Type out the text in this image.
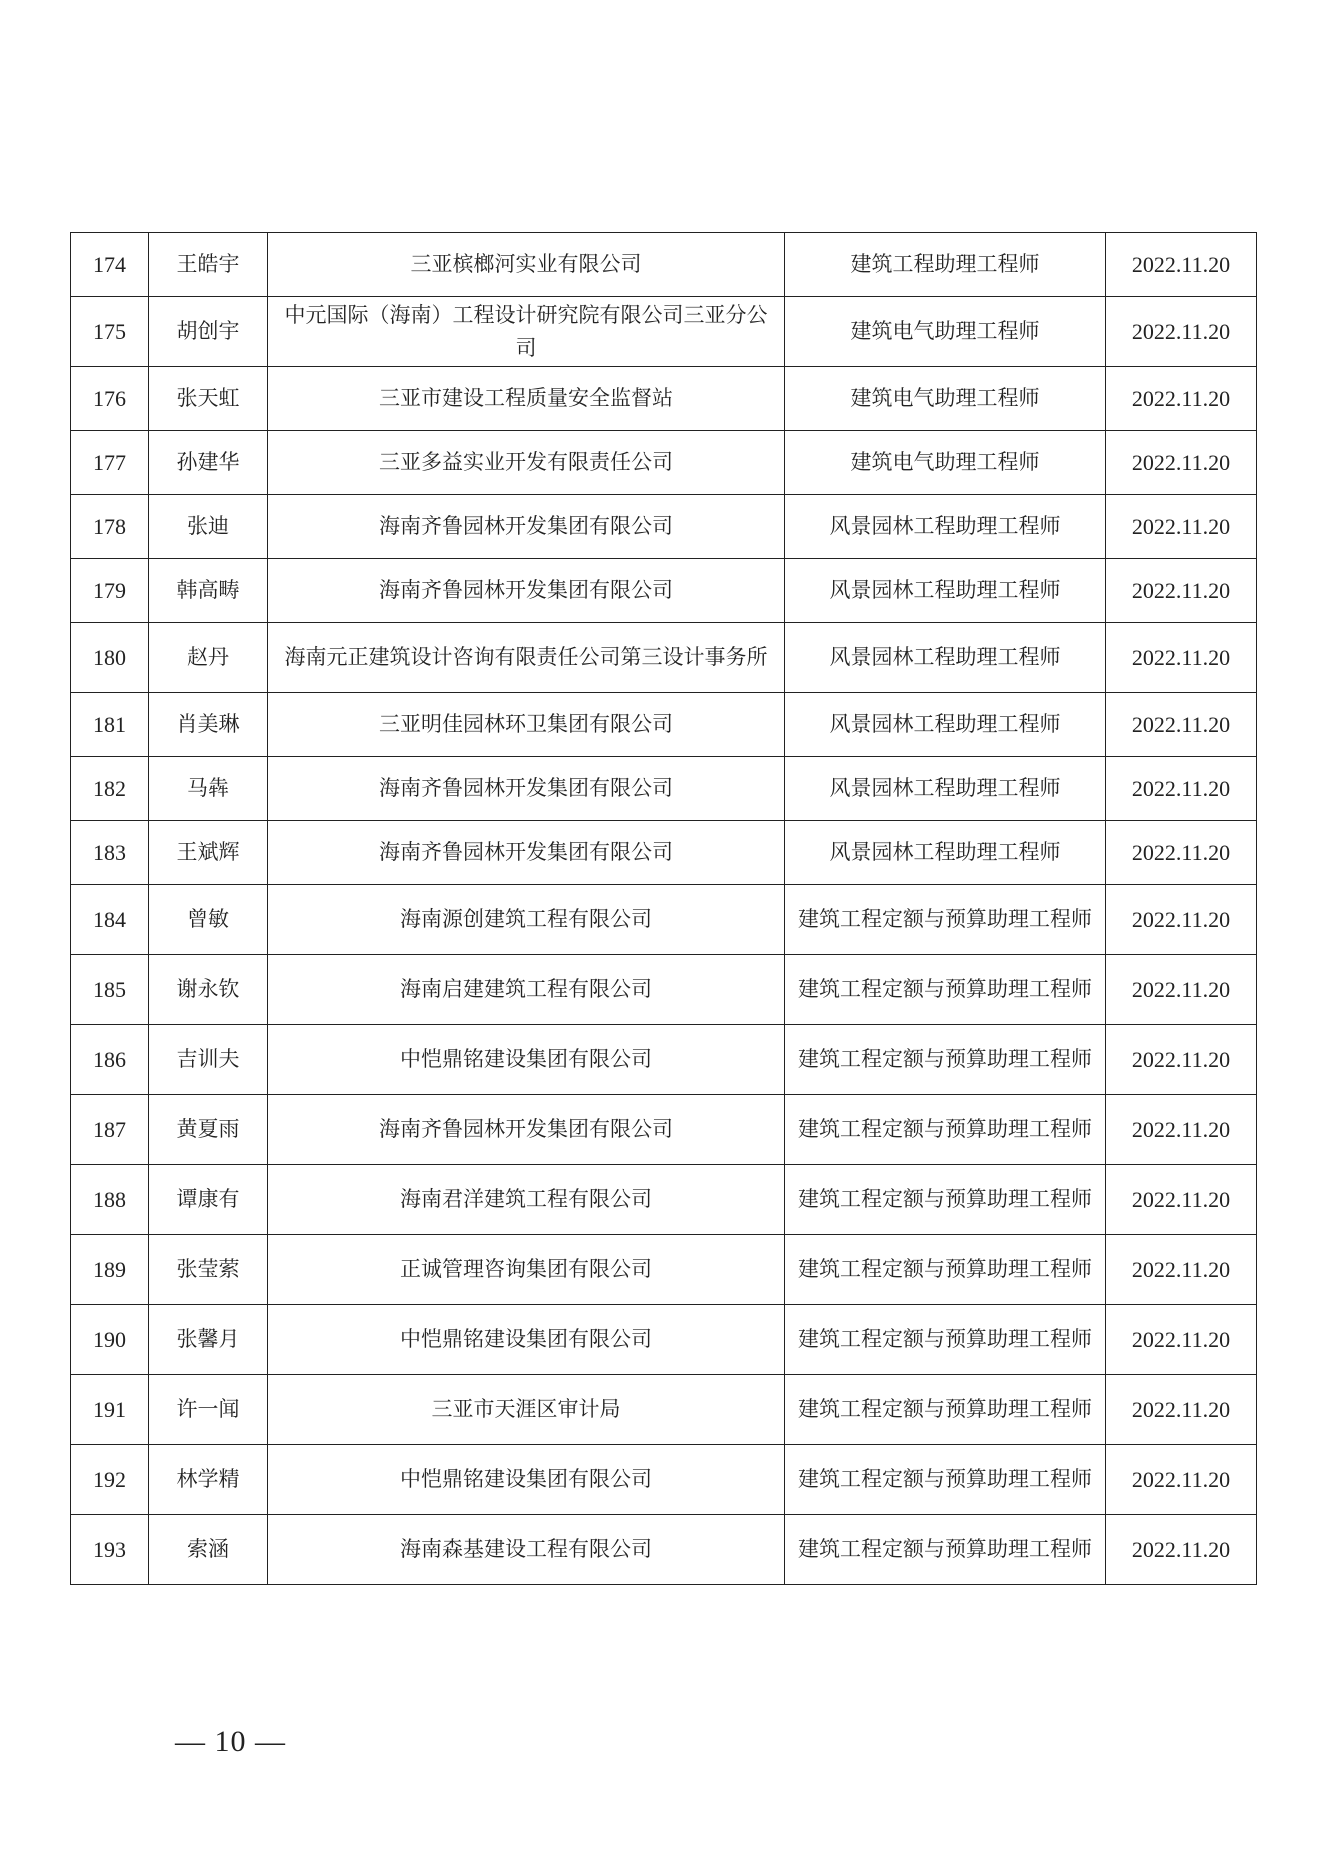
174	王皓宇	三亚槟榔河实业有限公司	建筑工程助理工程师	2022.11.20
175	胡创宇	中元国际（海南）工程设计研究院有限公司三亚分公司	建筑电气助理工程师	2022.11.20
176	张天虹	三亚市建设工程质量安全监督站	建筑电气助理工程师	2022.11.20
177	孙建华	三亚多益实业开发有限责任公司	建筑电气助理工程师	2022.11.20
178	张迪	海南齐鲁园林开发集团有限公司	风景园林工程助理工程师	2022.11.20
179	韩高畴	海南齐鲁园林开发集团有限公司	风景园林工程助理工程师	2022.11.20
180	赵丹	海南元正建筑设计咨询有限责任公司第三设计事务所	风景园林工程助理工程师	2022.11.20
181	肖美琳	三亚明佳园林环卫集团有限公司	风景园林工程助理工程师	2022.11.20
182	马犇	海南齐鲁园林开发集团有限公司	风景园林工程助理工程师	2022.11.20
183	王斌辉	海南齐鲁园林开发集团有限公司	风景园林工程助理工程师	2022.11.20
184	曾敏	海南源创建筑工程有限公司	建筑工程定额与预算助理工程师	2022.11.20
185	谢永钦	海南启建建筑工程有限公司	建筑工程定额与预算助理工程师	2022.11.20
186	吉训夫	中恺鼎铭建设集团有限公司	建筑工程定额与预算助理工程师	2022.11.20
187	黄夏雨	海南齐鲁园林开发集团有限公司	建筑工程定额与预算助理工程师	2022.11.20
188	谭康有	海南君洋建筑工程有限公司	建筑工程定额与预算助理工程师	2022.11.20
189	张莹萦	正诚管理咨询集团有限公司	建筑工程定额与预算助理工程师	2022.11.20
190	张馨月	中恺鼎铭建设集团有限公司	建筑工程定额与预算助理工程师	2022.11.20
191	许一闻	三亚市天涯区审计局	建筑工程定额与预算助理工程师	2022.11.20
192	林学精	中恺鼎铭建设集团有限公司	建筑工程定额与预算助理工程师	2022.11.20
193	索涵	海南森基建设工程有限公司	建筑工程定额与预算助理工程师	2022.11.20
— 10 —
